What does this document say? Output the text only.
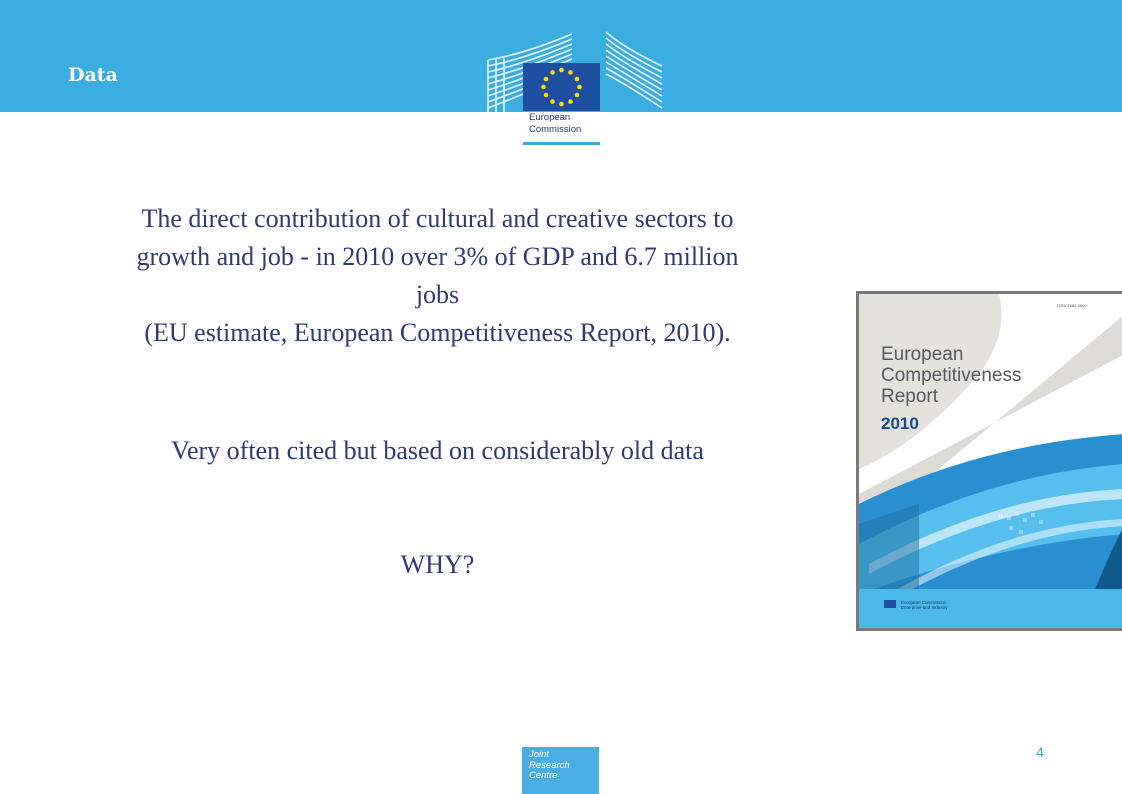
Data
European
Commission
The direct contribution of cultural and creative sectors to
growth and job - in 2010 over 3% of GDP and 6.7 million
jobs
(EU estimate, European Competitiveness Report, 2010).
Very often cited but based on considerably old data
WHY?
ISSN 1682-0800
European
Competitiveness
Report
2010
European Commission
Enterprise and Industry
4
Joint
Research
Centre
